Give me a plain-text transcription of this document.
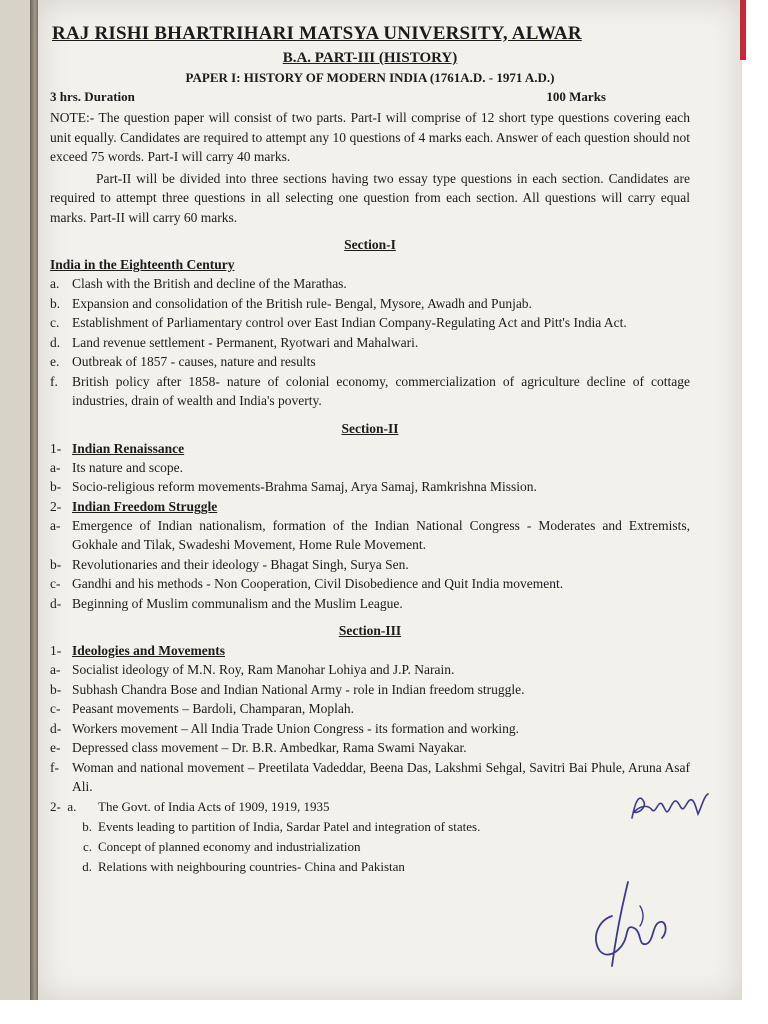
RAJ RISHI BHARTRIHARI MATSYA UNIVERSITY, ALWAR
B.A. PART-III (HISTORY)
PAPER I: HISTORY OF MODERN INDIA (1761A.D. - 1971 A.D.)
3 hrs. Duration	100 Marks

NOTE:- The question paper will consist of two parts. Part-I will comprise of 12 short type questions covering each unit equally. Candidates are required to attempt any 10 questions of 4 marks each. Answer of each question should not exceed 75 words. Part-I will carry 40 marks.

Part-II will be divided into three sections having two essay type questions in each section. Candidates are required to attempt three questions in all selecting one question from each section. All questions will carry equal marks. Part-II will carry 60 marks.

Section-I
India in the Eighteenth Century
a. Clash with the British and decline of the Marathas.
b. Expansion and consolidation of the British rule- Bengal, Mysore, Awadh and Punjab.
c. Establishment of Parliamentary control over East Indian Company-Regulating Act and Pitt's India Act.
d. Land revenue settlement - Permanent, Ryotwari and Mahalwari.
e. Outbreak of 1857 - causes, nature and results
f.	British policy after 1858- nature of colonial economy, commercialization of agriculture decline of cottage industries, drain of wealth and India's poverty.
Section-II
1- Indian Renaissance
a- Its nature and scope.
b- Socio-religious reform movements-Brahma Samaj, Arya Samaj, Ramkrishna Mission.
2- Indian Freedom Struggle
a- Emergence of Indian nationalism, formation of the Indian National Congress - Moderates and Extremists, Gokhale and Tilak, Swadeshi Movement, Home Rule Movement.
b- Revolutionaries and their ideology - Bhagat Singh, Surya Sen.
c- Gandhi and his methods - Non Cooperation, Civil Disobedience and Quit India movement.
d- Beginning of Muslim communalism and the Muslim League.
Section-III
1- Ideologies and Movements
a- Socialist ideology of M.N. Roy, Ram Manohar Lohiya and J.P. Narain.
b- Subhash Chandra Bose and Indian National Army - role in Indian freedom struggle.
c- Peasant movements – Bardoli, Champaran, Moplah.
d- Workers movement – All India Trade Union Congress - its formation and working.
e- Depressed class movement – Dr. B.R. Ambedkar, Rama Swami Nayakar.
f- Woman and national movement – Preetilata Vadeddar, Beena Das, Lakshmi Sehgal, Savitri Bai Phule, Aruna Asaf Ali.
2- a.	The Govt. of India Acts of 1909, 1919, 1935
b. Events leading to partition of India, Sardar Patel and integration of states.
c. Concept of planned economy and industrialization
d. Relations with neighbouring countries- China and Pakistan
